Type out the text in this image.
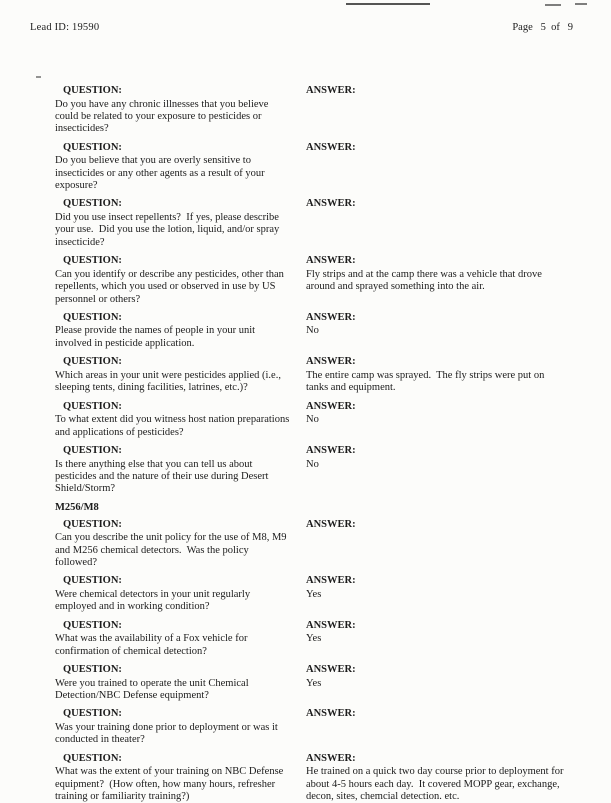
Lead ID: 19590	Page   5  of   9
QUESTION:
Do you have any chronic illnesses that you believe could be related to your exposure to pesticides or insecticides?
ANSWER:
QUESTION:
Do you believe that you are overly sensitive to insecticides or any other agents as a result of your exposure?
ANSWER:
QUESTION:
Did you use insect repellents?  If yes, please describe your use.  Did you use the lotion, liquid, and/or spray insecticide?
ANSWER:
QUESTION:
Can you identify or describe any pesticides, other than repellents, which you used or observed in use by US personnel or others?
ANSWER:
Fly strips and at the camp there was a vehicle that drove around and sprayed something into the air.
QUESTION:
Please provide the names of people in your unit involved in pesticide application.
ANSWER:
No
QUESTION:
Which areas in your unit were pesticides applied (i.e., sleeping tents, dining facilities, latrines, etc.)?
ANSWER:
The entire camp was sprayed.  The fly strips were put on tanks and equipment.
QUESTION:
To what extent did you witness host nation preparations and applications of pesticides?
ANSWER:
No
QUESTION:
Is there anything else that you can tell us about pesticides and the nature of their use during Desert Shield/Storm?
ANSWER:
No
M256/M8
QUESTION:
Can you describe the unit policy for the use of M8, M9 and M256 chemical detectors.  Was the policy followed?
ANSWER:
QUESTION:
Were chemical detectors in your unit regularly employed and in working condition?
ANSWER:
Yes
QUESTION:
What was the availability of a Fox vehicle for confirmation of chemical detection?
ANSWER:
Yes
QUESTION:
Were you trained to operate the unit Chemical Detection/NBC Defense equipment?
ANSWER:
Yes
QUESTION:
Was your training done prior to deployment or was it conducted in theater?
ANSWER:
QUESTION:
What was the extent of your training on NBC Defense equipment?  (How often, how many hours, refresher training or familiarity training?)
ANSWER:
He trained on a quick two day course prior to deployment for about 4-5 hours each day.  It covered MOPP gear, exchange, decon, sites, chemcial detection. etc.
